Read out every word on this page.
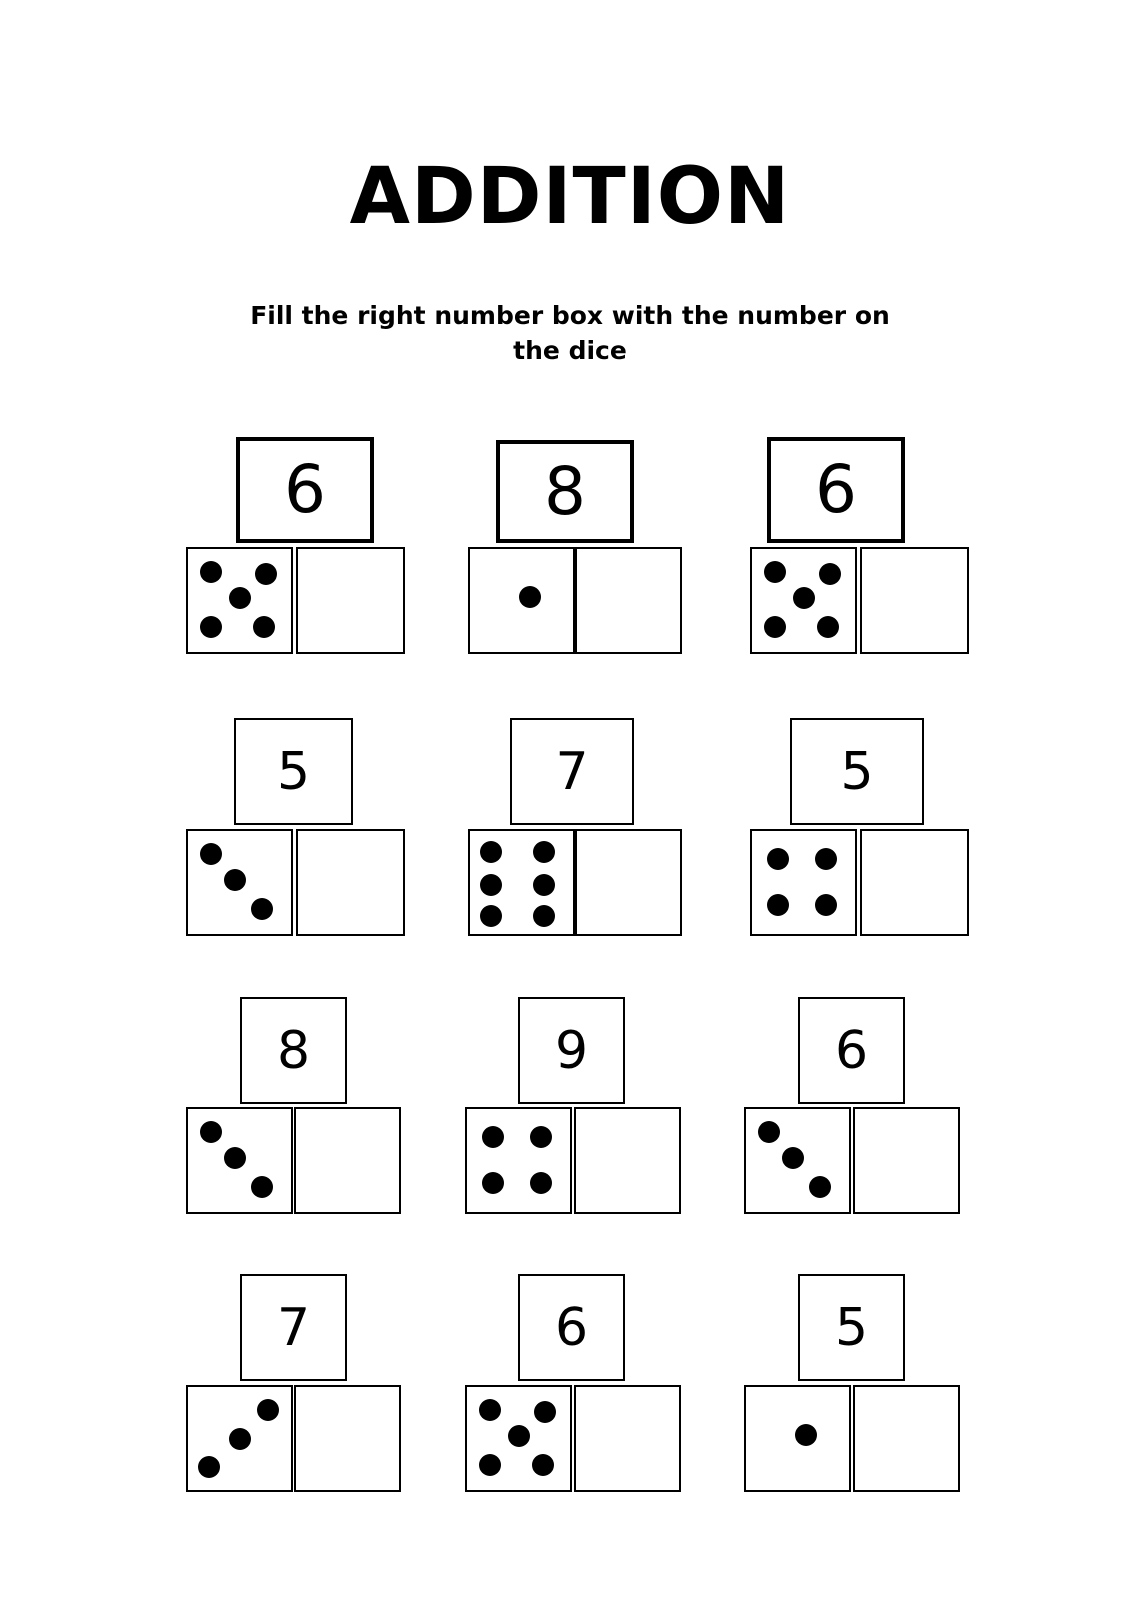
ADDITION

Fill the right number box with the number on the dice

6	8	6
5	7	5
8	9	6
7	6	5
